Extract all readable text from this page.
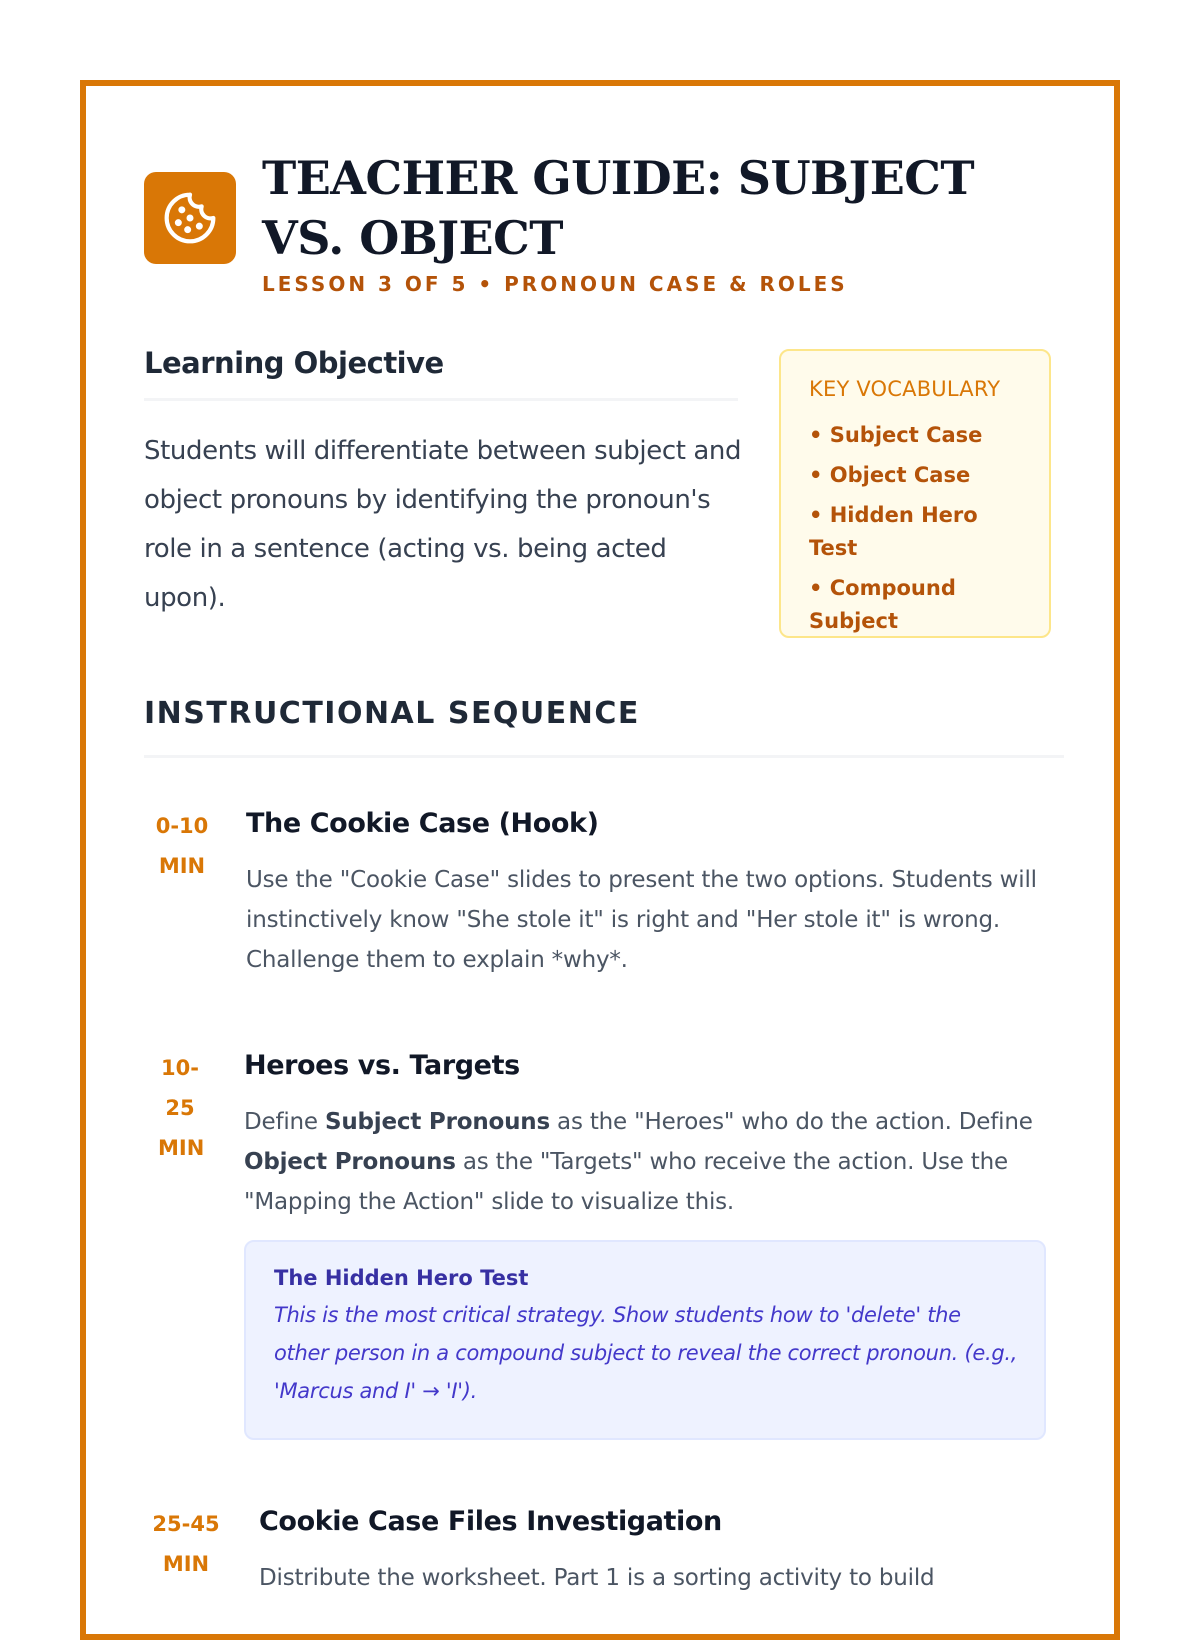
TEACHER GUIDE: SUBJECT VS. OBJECT
LESSON 3 OF 5 • PRONOUN CASE & ROLES
Learning Objective
Students will differentiate between subject and object pronouns by identifying the pronoun's role in a sentence (acting vs. being acted upon).
KEY VOCABULARY
• Subject Case
• Object Case
• Hidden Hero Test
• Compound Subject
INSTRUCTIONAL SEQUENCE
0-10 MIN
The Cookie Case (Hook)
Use the "Cookie Case" slides to present the two options. Students will instinctively know "She stole it" is right and "Her stole it" is wrong. Challenge them to explain *why*.
10-25 MIN
Heroes vs. Targets
Define Subject Pronouns as the "Heroes" who do the action. Define Object Pronouns as the "Targets" who receive the action. Use the "Mapping the Action" slide to visualize this.
The Hidden Hero Test
This is the most critical strategy. Show students how to 'delete' the other person in a compound subject to reveal the correct pronoun. (e.g., 'Marcus and I' → 'I').
25-45 MIN
Cookie Case Files Investigation
Distribute the worksheet. Part 1 is a sorting activity to build
